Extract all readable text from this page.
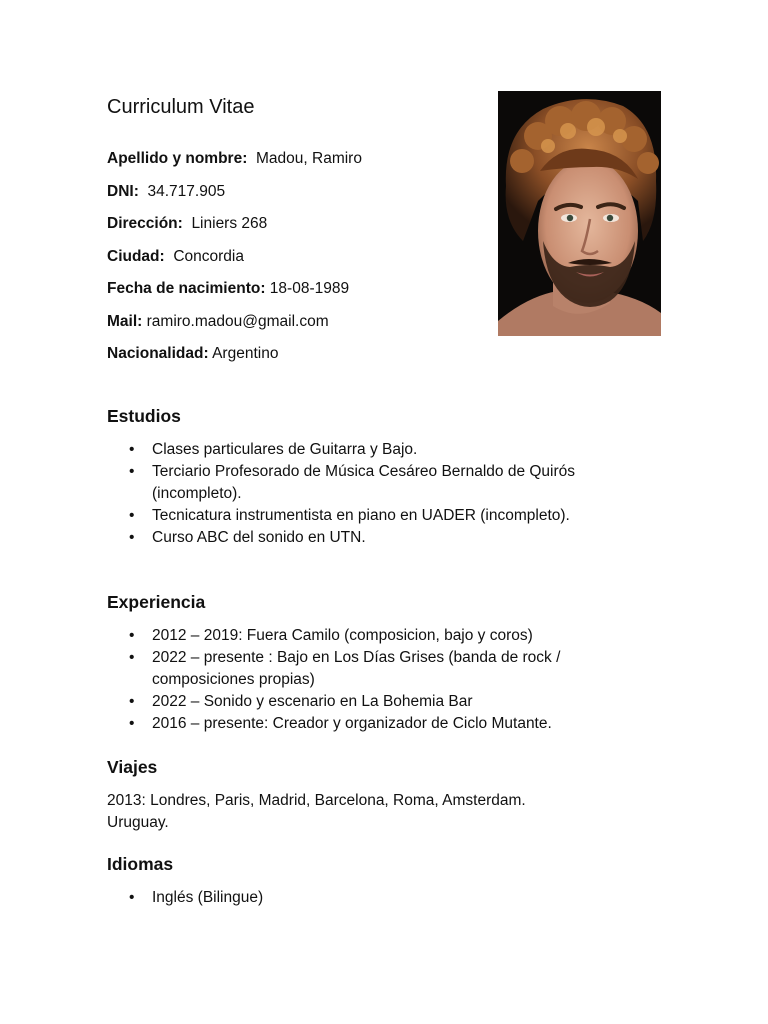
Curriculum Vitae
Apellido y nombre: Madou, Ramiro
DNI: 34.717.905
Dirección: Liniers 268
Ciudad: Concordia
Fecha de nacimiento: 18-08-1989
Mail: ramiro.madou@gmail.com
Nacionalidad: Argentino
Estudios
• Clases particulares de Guitarra y Bajo.
• Terciario Profesorado de Música Cesáreo Bernaldo de Quirós (incompleto).
• Tecnicatura instrumentista en piano en UADER (incompleto).
• Curso ABC del sonido en UTN.
Experiencia
• 2012 – 2019: Fuera Camilo (composicion, bajo y coros)
• 2022 – presente : Bajo en Los Días Grises (banda de rock / composiciones propias)
• 2022 – Sonido y escenario en La Bohemia Bar
• 2016 – presente: Creador y organizador de Ciclo Mutante.
Viajes

2013: Londres, Paris, Madrid, Barcelona, Roma, Amsterdam. Uruguay.

Idiomas
• Inglés (Bilingue)
